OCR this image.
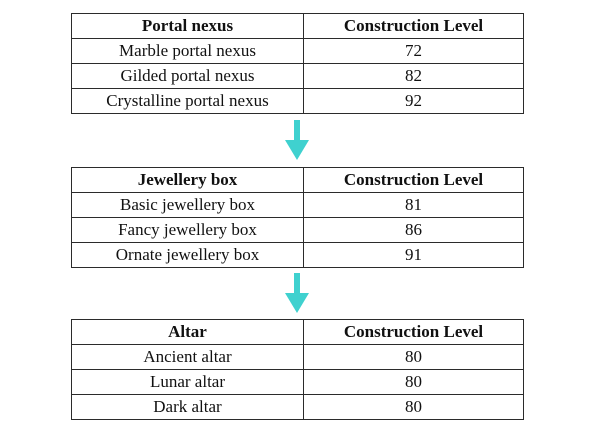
Portal nexus	Construction Level
Marble portal nexus	72
Gilded portal nexus	82
Crystalline portal nexus	92
Jewellery box	Construction Level
Basic jewellery box	81
Fancy jewellery box	86
Ornate jewellery box	91
Altar	Construction Level
Ancient altar	80
Lunar altar	80
Dark altar	80
